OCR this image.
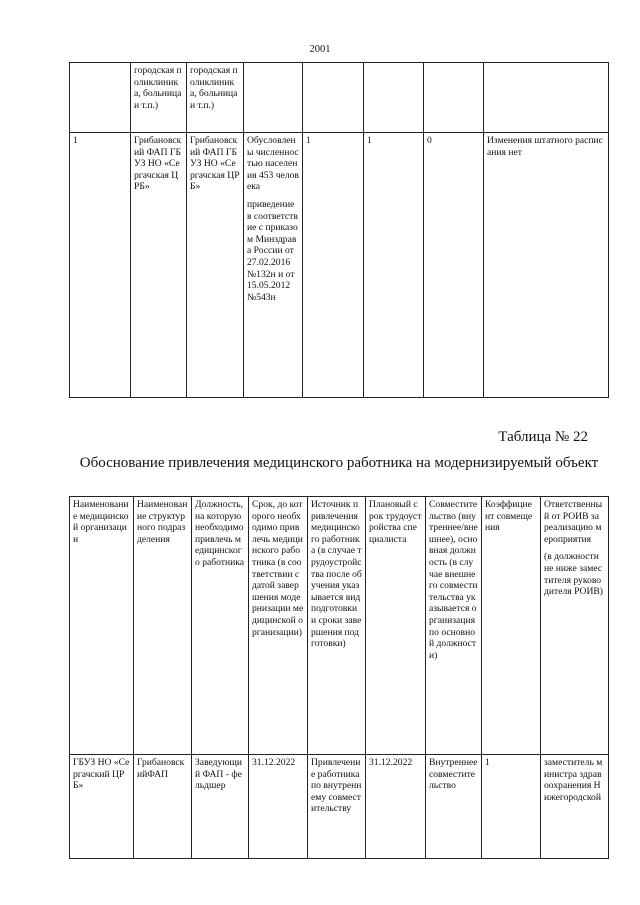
2001
	городская поликлиника, больница и т.п.)	городская поликлиника, больница и т.п.)					
1	Грибановский ФАП ГБУЗ НО «Сергачская ЦРБ»	Грибановский ФАП ГБУЗ НО «Сергачская ЦРБ»	Обусловлены численностью населения 453 человека
приведение в соответствие с приказом Минздрава России от 27.02.2016 №132н и от 15.05.2012 №543н	1	1	0	Изменения штатного расписания нет
Таблица № 22
Обоснование привлечения медицинского работника на модернизируемый объект
Наименование медицинской организации	Наименование структурного подразделения	Должность, на которую необходимо привлечь медицинского работника	Срок, до которого необходимо привлечь медицинского работника (в соответствии с датой завершения модернизации медицинской организации)	Источник привлечения медицинского работника (в случае трудоустройства после обучения указывается вид подготовки и сроки завершения подготовки)	Плановый срок трудоустройства специалиста	Совместительство (внутреннее/внешнее), основная должность (в случае внешнего совместительства указывается организация по основной должности)	Коэффициент совмещения	Ответственный от РОИВ за реализацию мероприятия
(в должности не ниже заместителя руководителя РОИВ)

ГБУЗ НО «Сергачский ЦРБ»	ГрибановскийФАП	Заведующий ФАП - фельдшер	31.12.2022	Привлечение работника по внутреннему совместительству	31.12.2022	Внутреннее совместительство	1	заместитель министра здравоохранения Нижегородской
